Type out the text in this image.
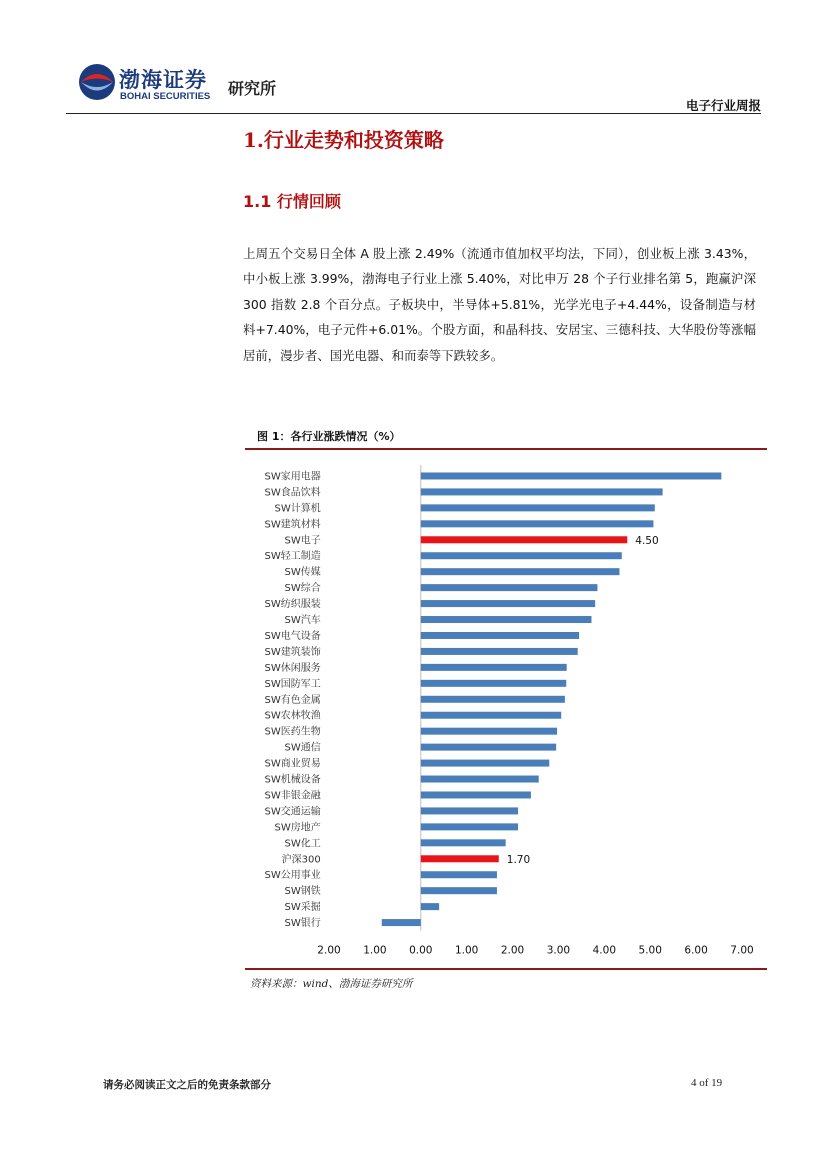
渤海证券
BOHAI SECURITIES 研究所
电子行业周报
1.行业走势和投资策略
1.1 行情回顾
上周五个交易日全体 A 股上涨 2.49%（流通市值加权平均法，下同），创业板上涨 3.43%，中小板上涨 3.99%，渤海电子行业上涨 5.40%，对比申万 28 个子行业排名第 5，跑赢沪深 300 指数 2.8 个百分点。子板块中，半导体+5.81%，光学光电子+4.44%，设备制造与材料+7.40%，电子元件+6.01%。个股方面，和晶科技、安居宝、三德科技、大华股份等涨幅居前，漫步者、国光电器、和而泰等下跌较多。
图 1：各行业涨跌情况（%）
SW家用电器
SW食品饮料
SW计算机
SW建筑材料
SW电子	4.50
SW轻工制造
SW传媒
SW综合
SW纺织服装
SW汽车
SW电气设备
SW建筑装饰
SW休闲服务
SW国防军工
SW有色金属
SW农林牧渔
SW医药生物
SW通信
SW商业贸易
SW机械设备
SW非银金融
SW交通运输
SW房地产
SW化工
沪深300	1.70
SW公用事业
SW钢铁
SW采掘
SW银行
2.00 1.00 0.00 1.00 2.00 3.00 4.00 5.00 6.00 7.00
资料来源：wind、渤海证券研究所
请务必阅读正文之后的免责条款部分	4 of 19
